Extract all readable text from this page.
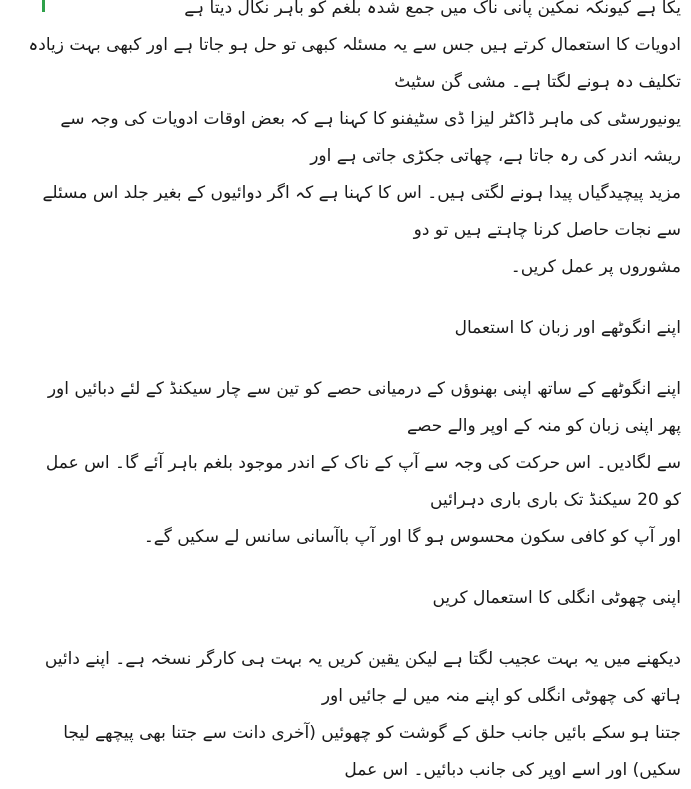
یکا ہے کیونکہ نمکین پانی ناک میں جمع شدہ بلغم کو باہر نکال دیتا ہے
ادویات کا استعمال کرتے ہیں جس سے یہ مسئلہ کبھی تو حل ہو جاتا ہے اور کبھی بہت زیادہ تکلیف دہ ہونے لگتا ہے۔ مشی گن سٹیٹ
یونیورسٹی کی ماہر ڈاکٹر لیزا ڈی سٹیفنو کا کہنا ہے کہ بعض اوقات ادویات کی وجہ سے ریشہ اندر کی رہ جاتا ہے، چھاتی جکڑی جاتی ہے اور
مزید پیچیدگیاں پیدا ہونے لگتی ہیں۔ اس کا کہنا ہے کہ اگر دوائیوں کے بغیر جلد اس مسئلے سے نجات حاصل کرنا چاہتے ہیں تو دو
مشوروں پر عمل کریں۔
اپنے انگوٹھے اور زبان کا استعمال
اپنے انگوٹھے کے ساتھ اپنی بھنوؤں کے درمیانی حصے کو تین سے چار سیکنڈ کے لئے دبائیں اور پھر اپنی زبان کو منہ کے اوپر والے حصے
سے لگادیں۔ اس حرکت کی وجہ سے آپ کے ناک کے اندر موجود بلغم باہر آئے گا۔ اس عمل کو 20 سیکنڈ تک باری باری دہرائیں
اور آپ کو کافی سکون محسوس ہو گا اور آپ باآسانی سانس لے سکیں گے۔
اپنی چھوٹی انگلی کا استعمال کریں
دیکھنے میں یہ بہت عجیب لگتا ہے لیکن یقین کریں یہ بہت ہی کارگر نسخہ ہے۔ اپنے دائیں ہاتھ کی چھوٹی انگلی کو اپنے منہ میں لے جائیں اور
جتنا ہو سکے بائیں جانب حلق کے گوشت کو چھوئیں (آخری دانت سے جتنا بھی پیچھے لیجا سکیں) اور اسے اوپر کی جانب دبائیں۔ اس عمل
